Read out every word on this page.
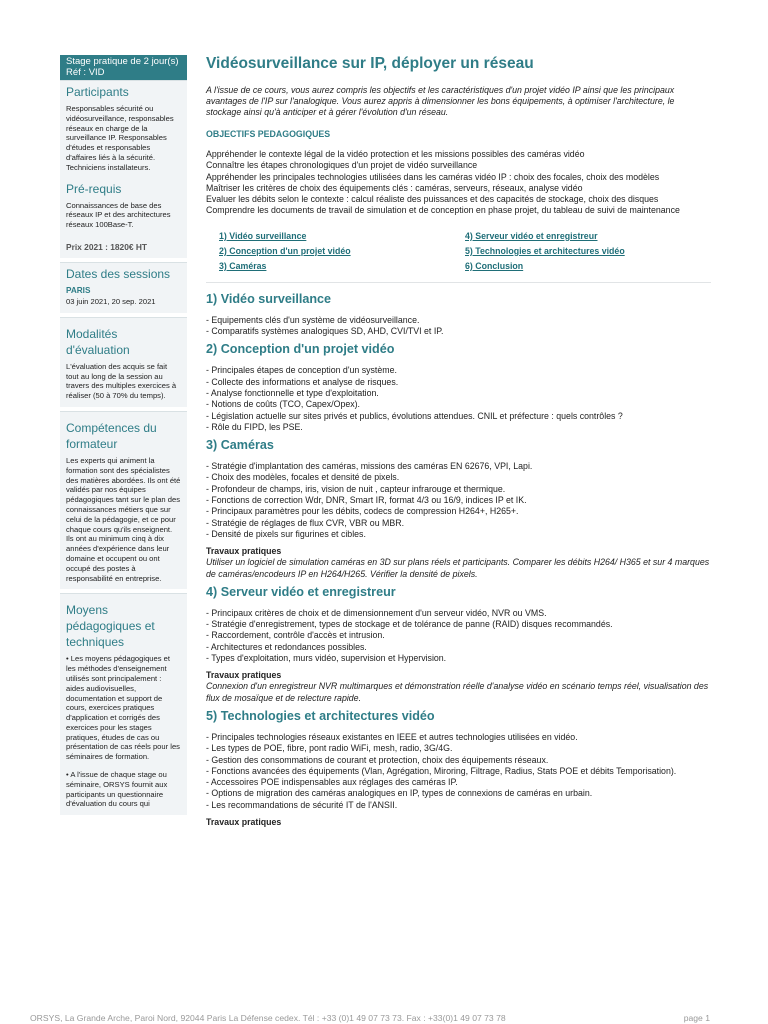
Stage pratique de 2 jour(s)
Réf : VID
Participants

Responsables sécurité ou vidéosurveillance, responsables réseaux en charge de la surveillance IP. Responsables d'études et responsables d'affaires liés à la sécurité. Techniciens installateurs.

Pré-requis

Connaissances de base des réseaux IP et des architectures réseaux 100Base-T.

Prix 2021 : 1820€ HT

Dates des sessions

PARIS

03 juin 2021, 20 sep. 2021

Modalités d'évaluation

L'évaluation des acquis se fait tout au long de la session au travers des multiples exercices à réaliser (50 à 70% du temps).

Compétences du formateur

Les experts qui animent la formation sont des spécialistes des matières abordées. Ils ont été validés par nos équipes pédagogiques tant sur le plan des connaissances métiers que sur celui de la pédagogie, et ce pour chaque cours qu'ils enseignent. Ils ont au minimum cinq à dix années d'expérience dans leur domaine et occupent ou ont occupé des postes à responsabilité en entreprise.

Moyens pédagogiques et techniques

• Les moyens pédagogiques et les méthodes d'enseignement utilisés sont principalement : aides audiovisuelles, documentation et support de cours, exercices pratiques d'application et corrigés des exercices pour les stages pratiques, études de cas ou présentation de cas réels pour les séminaires de formation.

• A l'issue de chaque stage ou séminaire, ORSYS fournit aux participants un questionnaire d'évaluation du cours qui

Vidéosurveillance sur IP, déployer un réseau

A l'issue de ce cours, vous aurez compris les objectifs et les caractéristiques d'un projet vidéo IP ainsi que les principaux avantages de l'IP sur l'analogique. Vous aurez appris à dimensionner les bons équipements, à optimiser l'architecture, le stockage ainsi qu'à anticiper et à gérer l'évolution d'un réseau.

OBJECTIFS PEDAGOGIQUES
Appréhender le contexte légal de la vidéo protection et les missions possibles des caméras vidéo
Connaître les étapes chronologiques d'un projet de vidéo surveillance
Appréhender les principales technologies utilisées dans les caméras vidéo IP : choix des focales, choix des modèles
Maîtriser les critères de choix des équipements clés : caméras, serveurs, réseaux, analyse vidéo
Evaluer les débits selon le contexte : calcul réaliste des puissances et des capacités de stockage, choix des disques
Comprendre les documents de travail de simulation et de conception en phase projet, du tableau de suivi de maintenance
1) Vidéo surveillance
2) Conception d'un projet vidéo
3) Caméras
4) Serveur vidéo et enregistreur
5) Technologies et architectures vidéo
6) Conclusion
1) Vidéo surveillance
- Equipements clés d'un système de vidéosurveillance.
- Comparatifs systèmes analogiques SD, AHD, CVI/TVI et IP.
2) Conception d'un projet vidéo
- Principales étapes de conception d'un système.
- Collecte des informations et analyse de risques.
- Analyse fonctionnelle et type d'exploitation.
- Notions de coûts (TCO, Capex/Opex).
- Législation actuelle sur sites privés et publics, évolutions attendues. CNIL et préfecture : quels contrôles ?
- Rôle du FIPD, les PSE.
3) Caméras
- Stratégie d'implantation des caméras, missions des caméras EN 62676, VPI, Lapi.
- Choix des modèles, focales et densité de pixels.
- Profondeur de champs, iris, vision de nuit , capteur infrarouge et thermique.
- Fonctions de correction Wdr, DNR, Smart IR, format 4/3 ou 16/9, indices IP et IK.
- Principaux paramètres pour les débits, codecs de compression H264+, H265+.
- Stratégie de réglages de flux CVR, VBR ou MBR.
- Densité de pixels sur figurines et cibles.

Travaux pratiques

Utiliser un logiciel de simulation caméras en 3D sur plans réels et participants. Comparer les débits H264/ H365 et sur 4 marques de caméras/encodeurs IP en H264/H265. Vérifier la densité de pixels.

4) Serveur vidéo et enregistreur
- Principaux critères de choix et de dimensionnement d'un serveur vidéo, NVR ou VMS.
- Stratégie d'enregistrement, types de stockage et de tolérance de panne (RAID) disques recommandés.
- Raccordement, contrôle d'accès et intrusion.
- Architectures et redondances possibles.
- Types d'exploitation, murs vidéo, supervision et Hypervision.

Travaux pratiques

Connexion d'un enregistreur NVR multimarques et démonstration réelle d'analyse vidéo en scénario temps réel, visualisation des flux de mosaïque et de relecture rapide.

5) Technologies et architectures vidéo
- Principales technologies réseaux existantes en IEEE et autres technologies utilisées en vidéo.
- Les types de POE, fibre, pont radio WiFi, mesh, radio, 3G/4G.
- Gestion des consommations de courant et protection, choix des équipements réseaux.
- Fonctions avancées des équipements (Vlan, Agrégation, Miroring, Filtrage, Radius, Stats POE et débits Temporisation).
- Accessoires POE indispensables aux réglages des caméras IP.
- Options de migration des caméras analogiques en IP, types de connexions de caméras en urbain.
- Les recommandations de sécurité IT de l'ANSII.

Travaux pratiques

ORSYS, La Grande Arche, Paroi Nord, 92044 Paris La Défense cedex. Tél : +33 (0)1 49 07 73 73. Fax : +33(0)1 49 07 73 78	page 1
